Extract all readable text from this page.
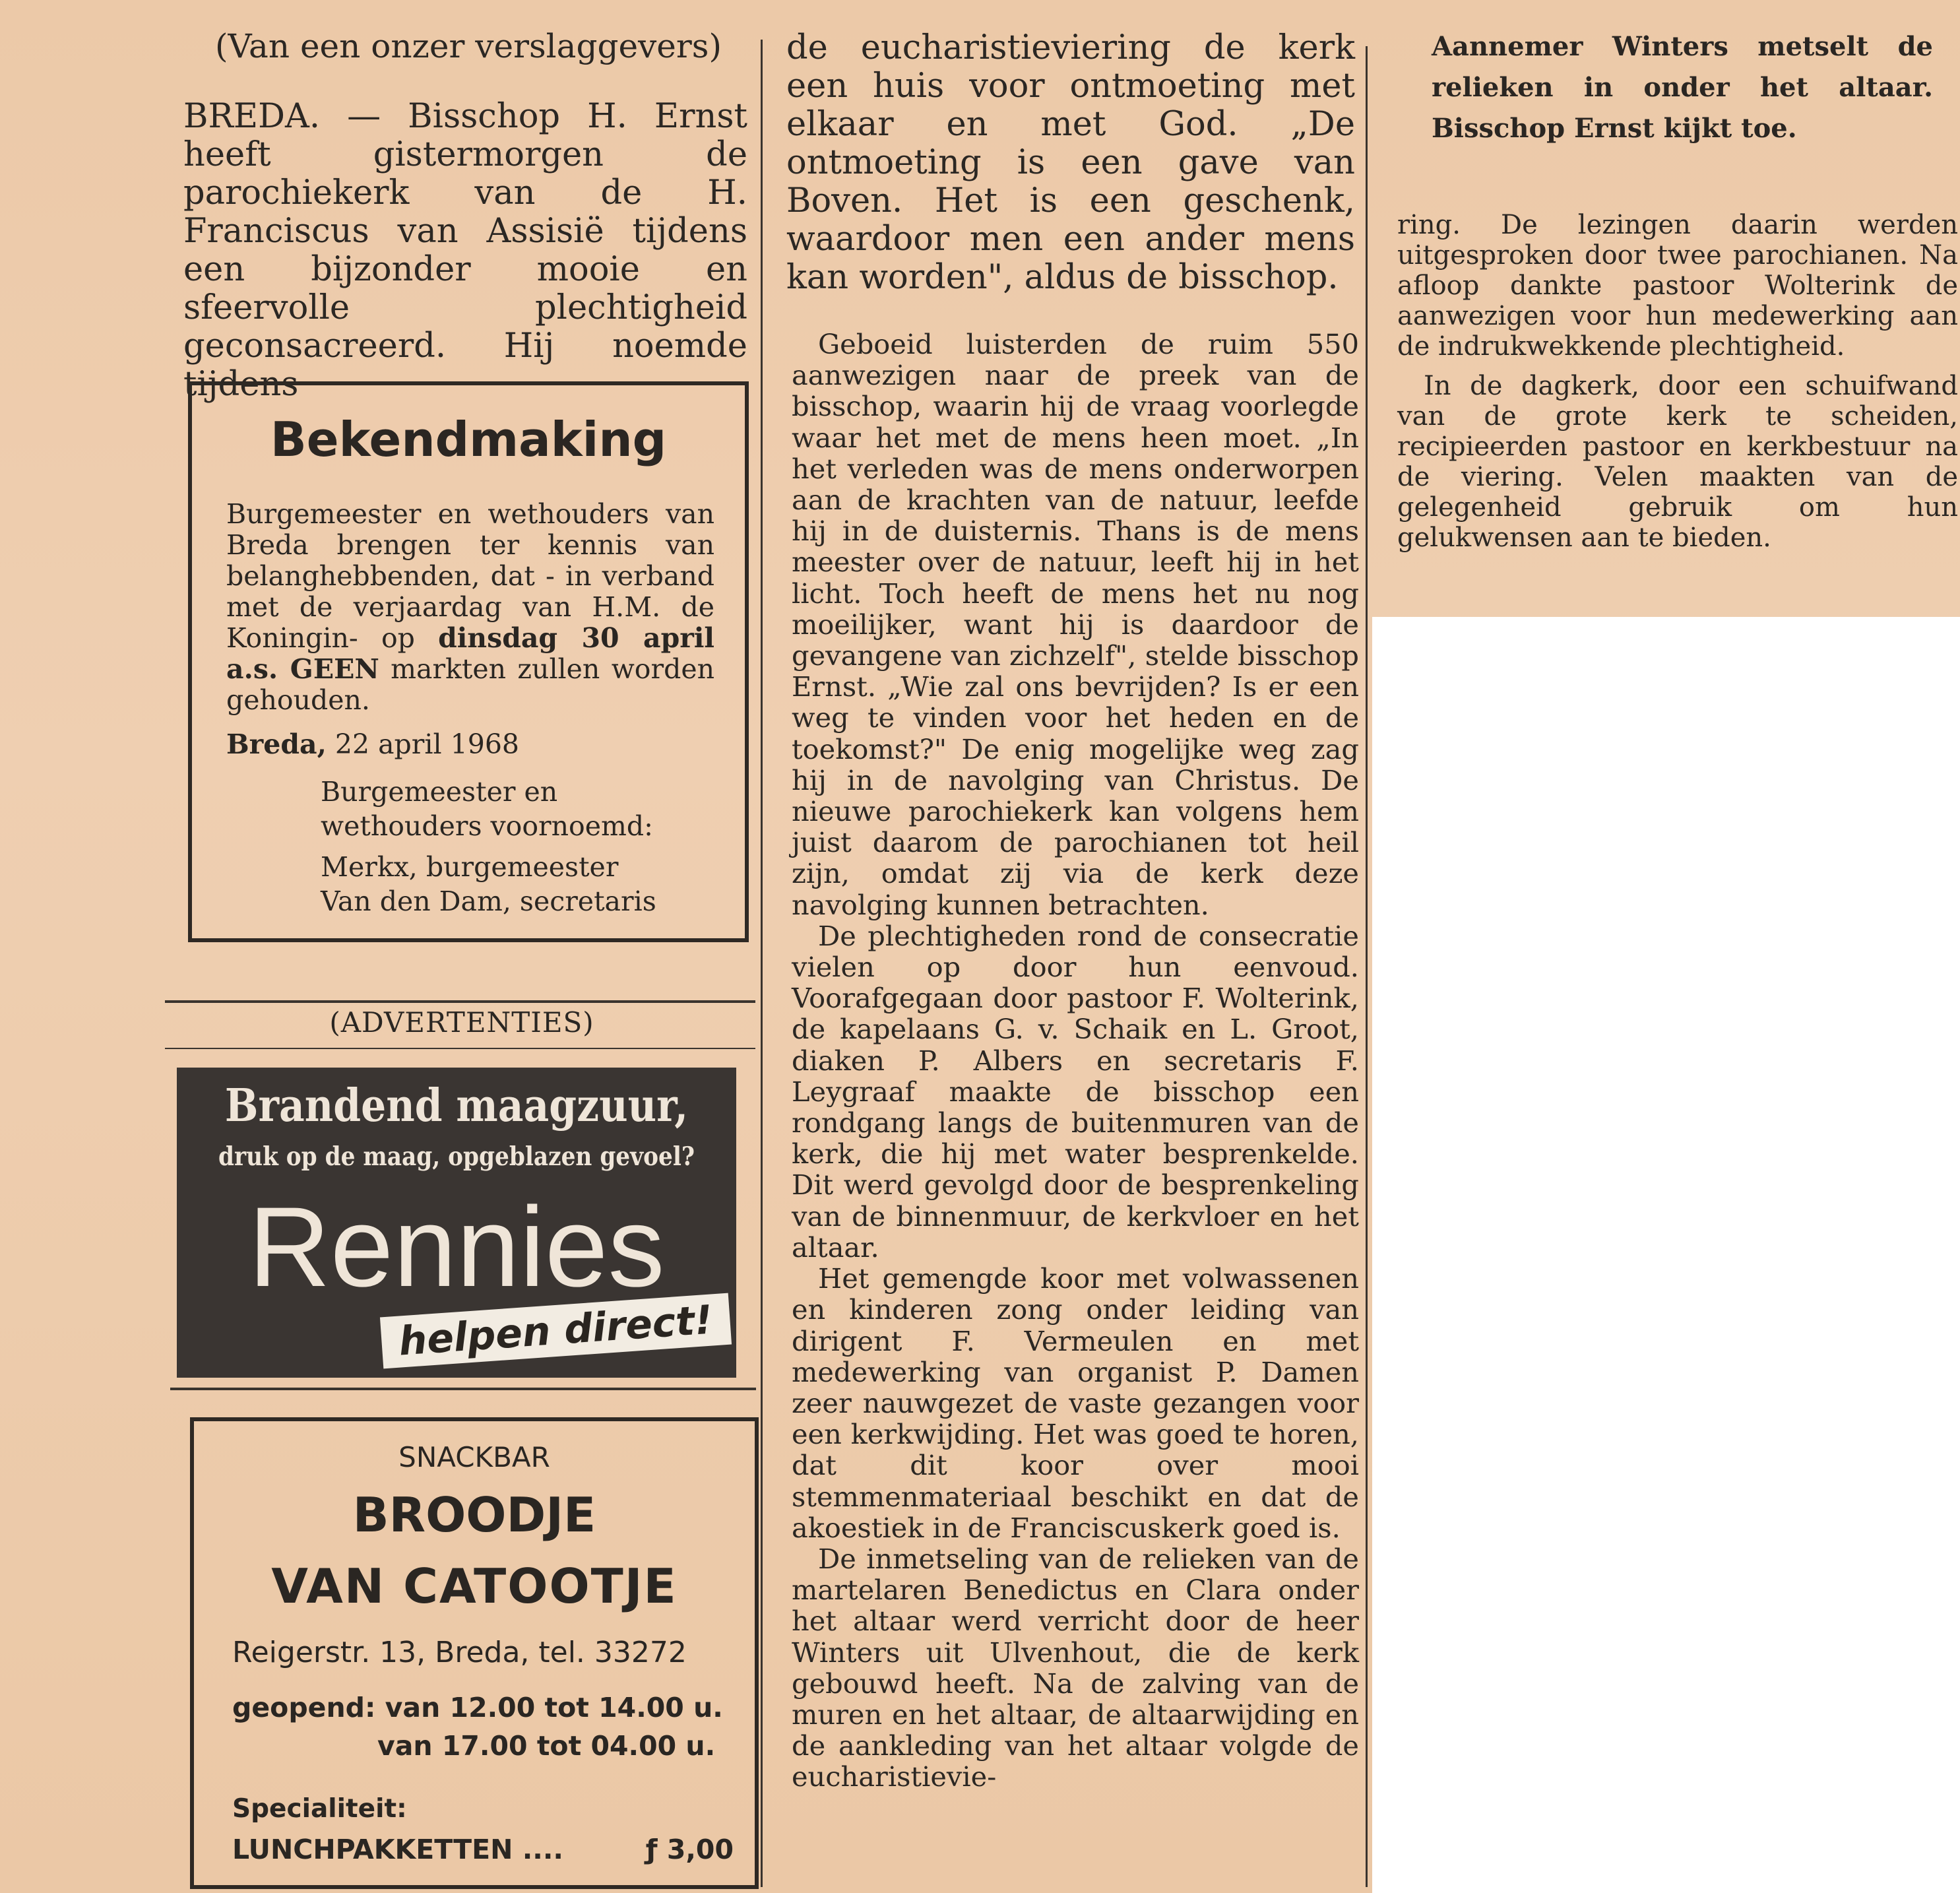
(Van een onzer verslaggevers)
BREDA. — Bisschop H. Ernst heeft gistermorgen de parochiekerk van de H. Franciscus van Assisië tijdens een bijzonder mooie en sfeervolle plechtigheid geconsacreerd. Hij noemde tijdens
Bekendmaking
Burgemeester en wethouders van Breda brengen ter kennis van belanghebbenden, dat - in verband met de verjaardag van H.M. de Koningin- op dinsdag 30 april a.s. GEEN markten zullen worden gehouden.
Breda, 22 april 1968
Burgemeester en
wethouders voornoemd:
Merkx, burgemeester
Van den Dam, secretaris
(ADVERTENTIES)
Brandend maagzuur,
druk op de maag, opgeblazen gevoel?
Rennies
helpen direct!
SNACKBAR
BROODJE
VAN CATOOTJE
Reigerstr. 13, Breda, tel. 33272
geopend: van 12.00 tot 14.00 u.
van 17.00 tot 04.00 u.
Specialiteit:
LUNCHPAKKETTEN ....	ƒ 3,00
de eucharistieviering de kerk een huis voor ontmoeting met elkaar en met God. „De ontmoeting is een gave van Boven. Het is een geschenk, waardoor men een ander mens kan worden", aldus de bisschop.

Geboeid luisterden de ruim 550 aanwezigen naar de preek van de bisschop, waarin hij de vraag voorlegde waar het met de mens heen moet. „In het verleden was de mens onderworpen aan de krachten van de natuur, leefde hij in de duisternis. Thans is de mens meester over de natuur, leeft hij in het licht. Toch heeft de mens het nu nog moeilijker, want hij is daardoor de gevangene van zichzelf", stelde bisschop Ernst. „Wie zal ons bevrijden? Is er een weg te vinden voor het heden en de toekomst?" De enig mogelijke weg zag hij in de navolging van Christus. De nieuwe parochiekerk kan volgens hem juist daarom de parochianen tot heil zijn, omdat zij via de kerk deze navolging kunnen betrachten.

De plechtigheden rond de consecratie vielen op door hun eenvoud. Voorafgegaan door pastoor F. Wolterink, de kapelaans G. v. Schaik en L. Groot, diaken P. Albers en secretaris F. Leygraaf maakte de bisschop een rondgang langs de buitenmuren van de kerk, die hij met water besprenkelde. Dit werd gevolgd door de besprenkeling van de binnenmuur, de kerkvloer en het altaar.

Het gemengde koor met volwassenen en kinderen zong onder leiding van dirigent F. Vermeulen en met medewerking van organist P. Damen zeer nauwgezet de vaste gezangen voor een kerkwijding. Het was goed te horen, dat dit koor over mooi stemmenmateriaal beschikt en dat de akoestiek in de Franciscuskerk goed is.

De inmetseling van de relieken van de martelaren Benedictus en Clara onder het altaar werd verricht door de heer Winters uit Ulvenhout, die de kerk gebouwd heeft. Na de zalving van de muren en het altaar, de altaarwijding en de aankleding van het altaar volgde de eucharistievie-

Aannemer Winters metselt de relieken in onder het altaar. Bisschop Ernst kijkt toe.

ring. De lezingen daarin werden uitgesproken door twee parochianen. Na afloop dankte pastoor Wolterink de aanwezigen voor hun medewerking aan de indrukwekkende plechtigheid.

In de dagkerk, door een schuifwand van de grote kerk te scheiden, recipieerden pastoor en kerkbestuur na de viering. Velen maakten van de gelegenheid gebruik om hun gelukwensen aan te bieden.
